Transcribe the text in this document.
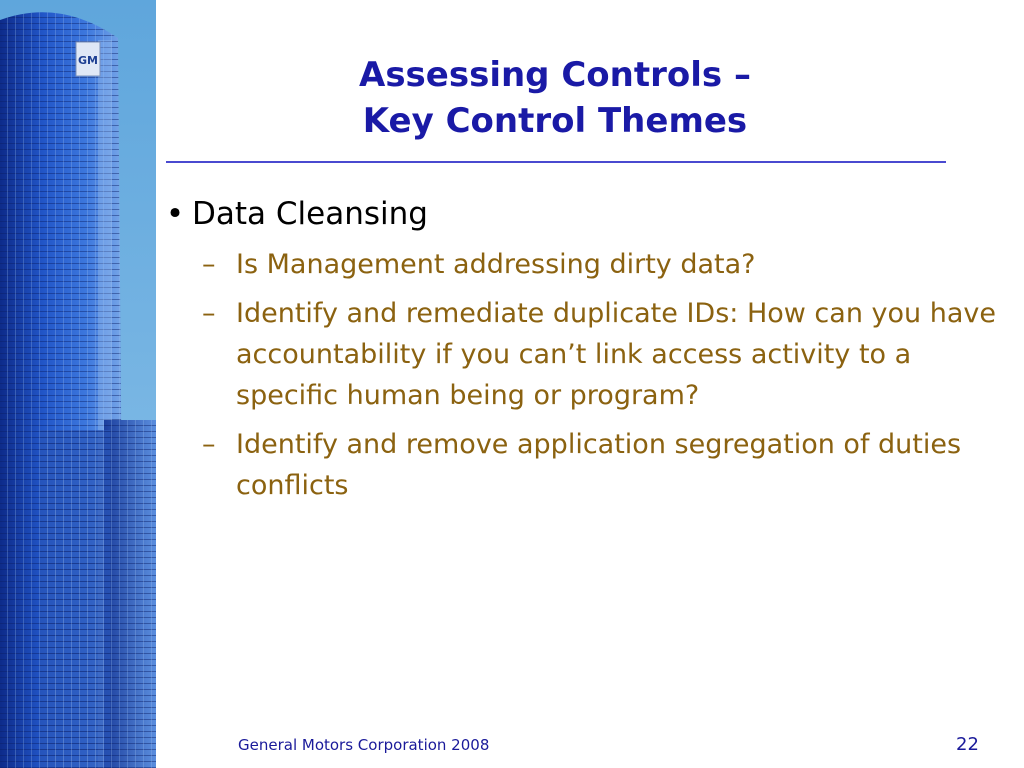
GM	Assessing Controls –
Key Control Themes
• Data Cleansing
– Is Management addressing dirty data?
– Identify and remediate duplicate IDs: How can you have accountability if you can’t link access activity to a specific human being or program?
– Identify and remove application segregation of duties conflicts
General Motors Corporation 2008	22
